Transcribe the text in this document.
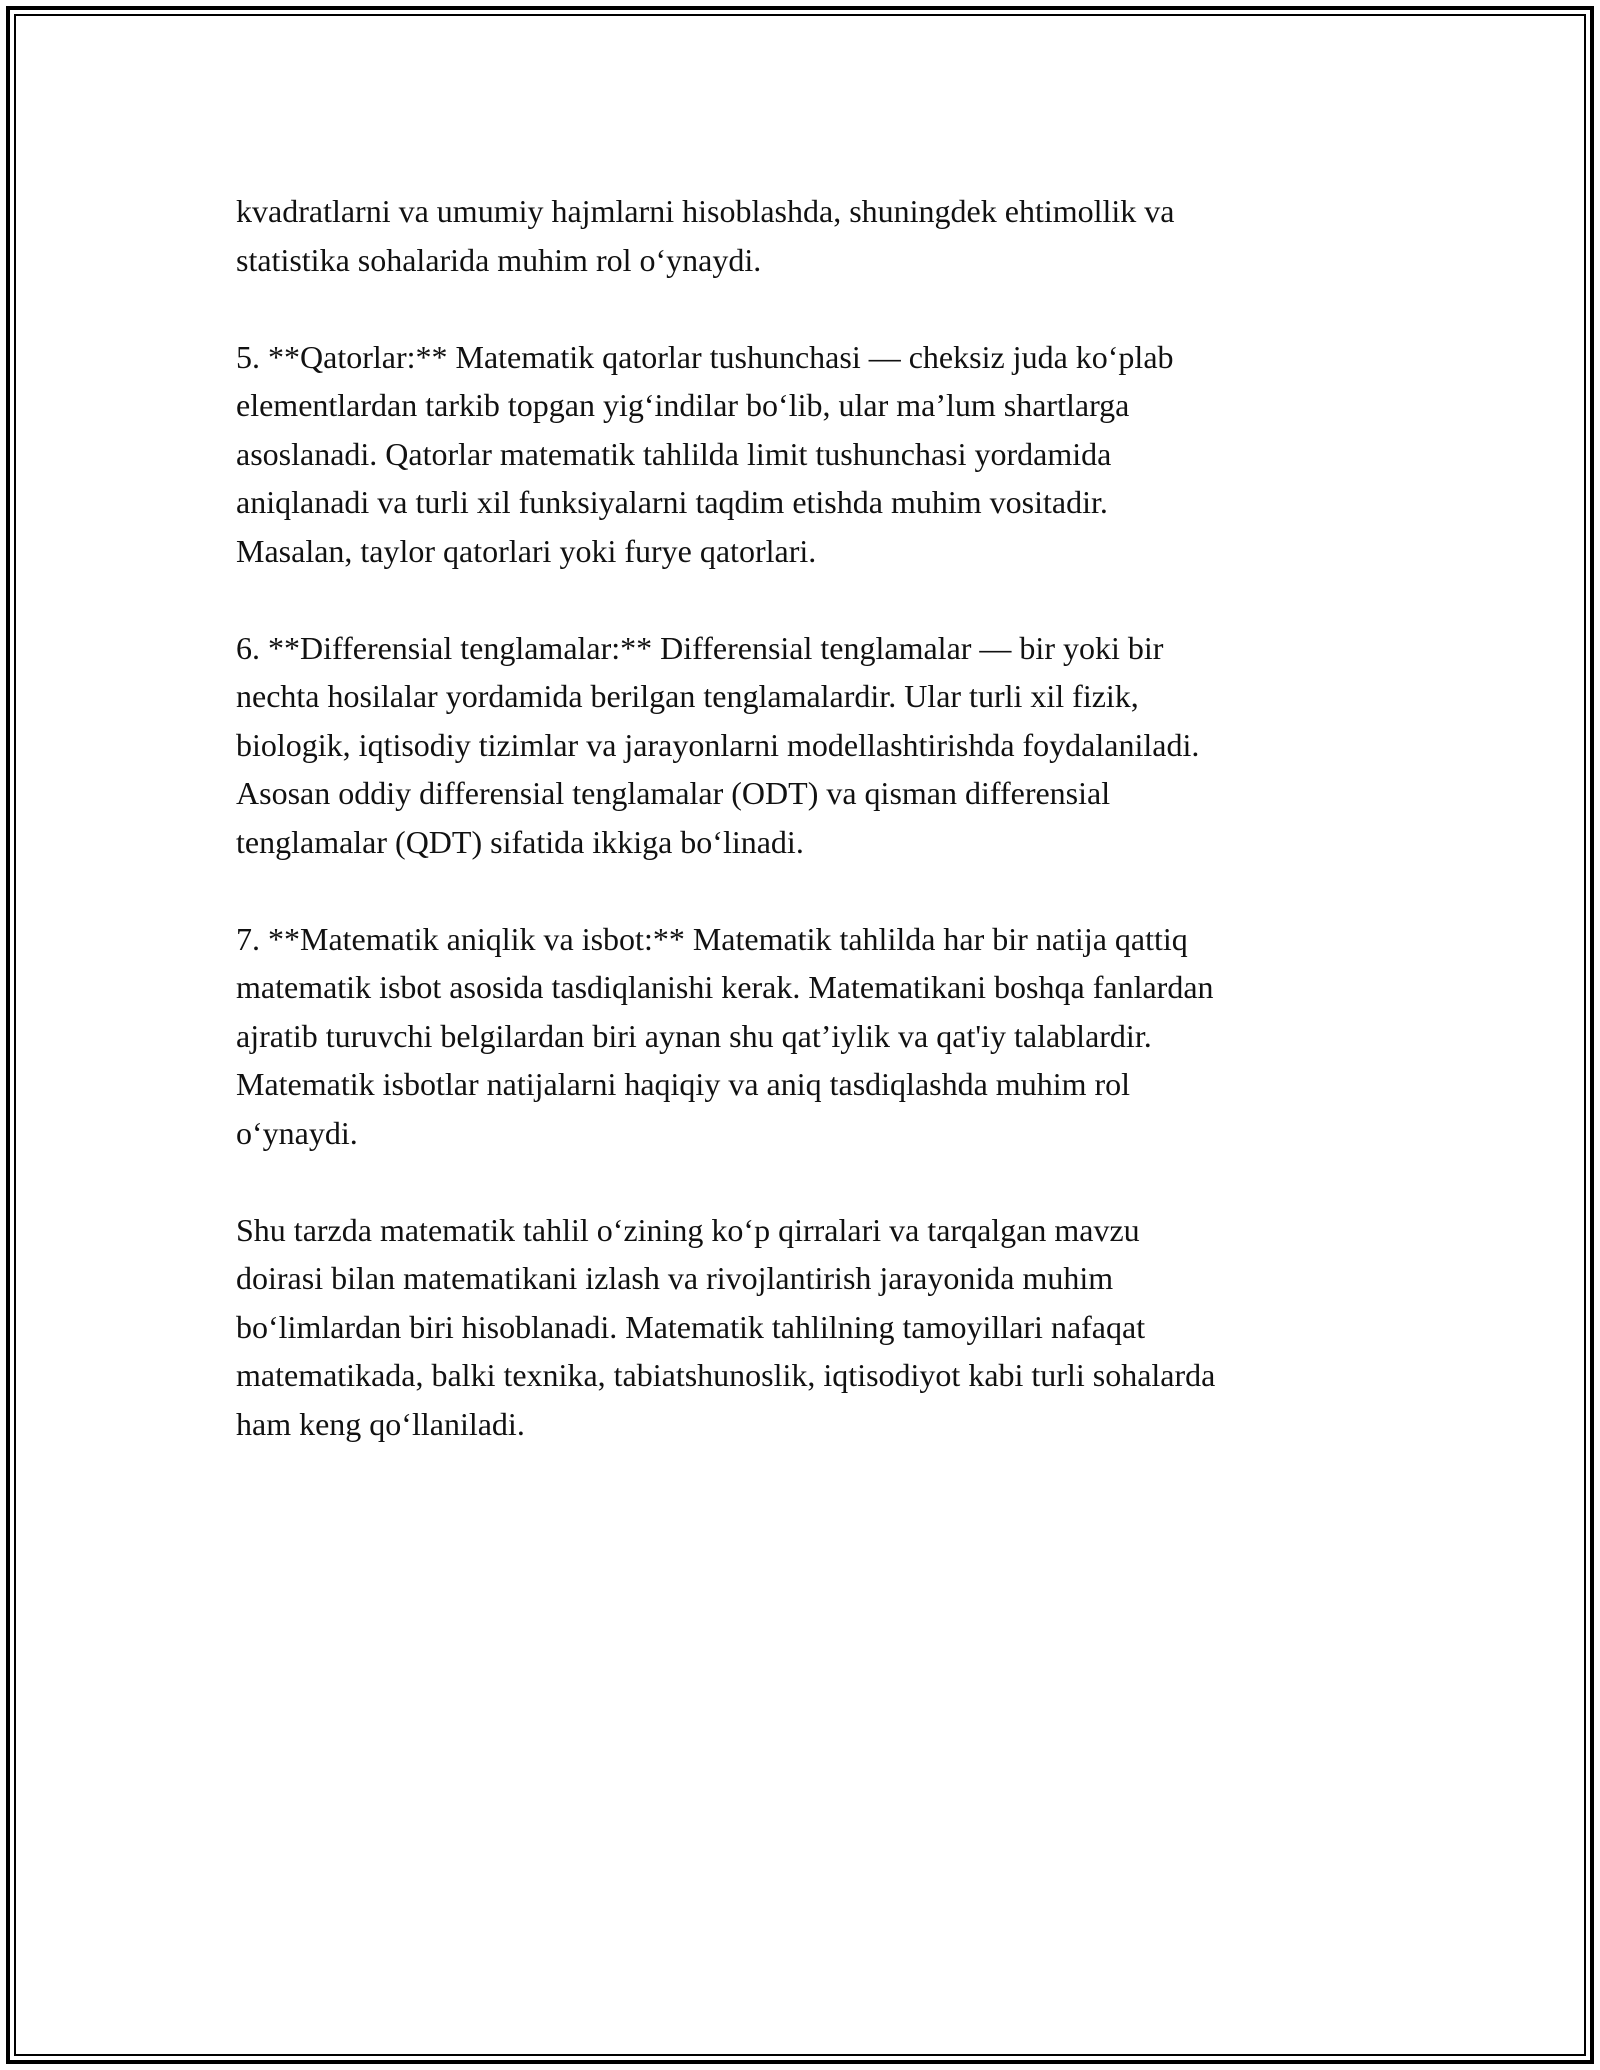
kvadratlarni va umumiy hajmlarni hisoblashda, shuningdek ehtimollik va
statistika sohalarida muhim rol o‘ynaydi.

5. **Qatorlar:** Matematik qatorlar tushunchasi — cheksiz juda ko‘plab
elementlardan tarkib topgan yig‘indilar bo‘lib, ular ma’lum shartlarga
asoslanadi. Qatorlar matematik tahlilda limit tushunchasi yordamida
aniqlanadi va turli xil funksiyalarni taqdim etishda muhim vositadir.
Masalan, taylor qatorlari yoki furye qatorlari.

6. **Differensial tenglamalar:** Differensial tenglamalar — bir yoki bir
nechta hosilalar yordamida berilgan tenglamalardir. Ular turli xil fizik,
biologik, iqtisodiy tizimlar va jarayonlarni modellashtirishda foydalaniladi.
Asosan oddiy differensial tenglamalar (ODT) va qisman differensial
tenglamalar (QDT) sifatida ikkiga bo‘linadi.

7. **Matematik aniqlik va isbot:** Matematik tahlilda har bir natija qattiq
matematik isbot asosida tasdiqlanishi kerak. Matematikani boshqa fanlardan
ajratib turuvchi belgilardan biri aynan shu qat’iylik va qat'iy talablardir.
Matematik isbotlar natijalarni haqiqiy va aniq tasdiqlashda muhim rol
o‘ynaydi.

Shu tarzda matematik tahlil o‘zining ko‘p qirralari va tarqalgan mavzu
doirasi bilan matematikani izlash va rivojlantirish jarayonida muhim
bo‘limlardan biri hisoblanadi. Matematik tahlilning tamoyillari nafaqat
matematikada, balki texnika, tabiatshunoslik, iqtisodiyot kabi turli sohalarda
ham keng qo‘llaniladi.
